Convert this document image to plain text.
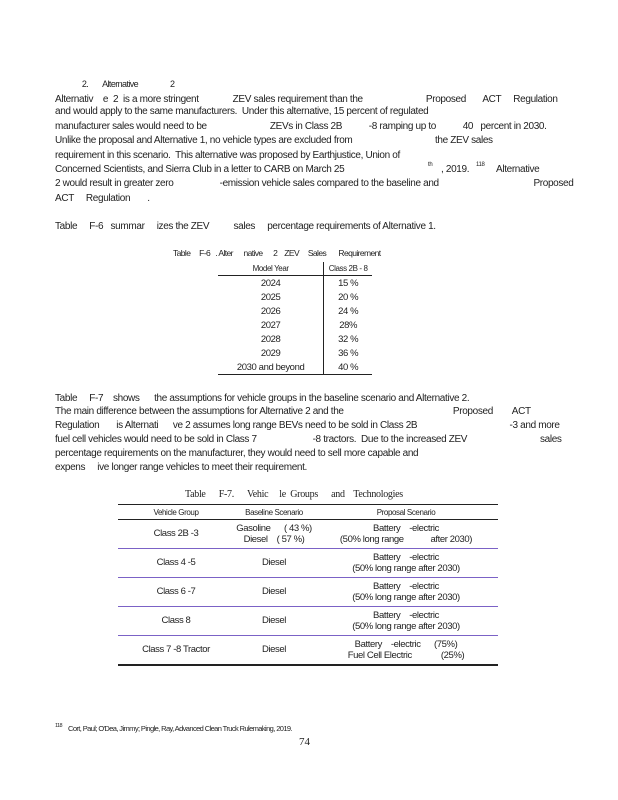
2. Alternative	2

Alternativ    e  2  is a more stringent              ZEV sales requirement than the                          Proposed       ACT     Regulation
and would apply to the same manufacturers.  Under this alternative, 15 percent of regulated
manufacturer sales would need to be                          ZEVs in Class 2B           -8 ramping up to           40   percent in 2030.
Unlike the proposal and Alternative 1, no vehicle types are excluded from                                  the ZEV sales
requirement in this scenario.  This alternative was proposed by Earthjustice, Union of
Concerned Scientists, and Sierra Club in a letter to CARB on March 25	th , 2019. 118 Alternative
2 would result in greater zero                   -emission vehicle sales compared to the baseline and                                       Proposed
ACT     Regulation       .
Table     F-6   summar     izes the ZEV          sales     percentage requirements of Alternative 1.
Table     F-6   . Alter      native      2    ZEV     Sales       Requirement
Model Year	Class 2B - 8
2024	15 %
2025	20 %
2026	24 %
2027	28%
2028	32 %
2029	36 %
2030 and beyond	40 %
Table     F-7    shows      the assumptions for vehicle groups in the baseline scenario and Alternative 2.
The main difference between the assumptions for Alternative 2 and the                                             Proposed        ACT
Regulation       is Alternati      ve 2 assumes long range BEVs need to be sold in Class 2B                                      -3 and more
fuel cell vehicles would need to be sold in Class 7                       -8 tractors.  Due to the increased ZEV                              sales
percentage requirements on the manufacturer, they would need to sell more capable and
expens     ive longer range vehicles to meet their requirement.
Table      F-7.      Vehic     le  Groups      and    Technologies
Vehicle Group	Baseline Scenario	Proposal Scenario
Class 2B -3	Gasoline      ( 43 %)
Diesel    ( 57 %)	Battery    -electric
(50% long range            after 2030)
Class 4 -5	Diesel	Battery    -electric
(50% long range after 2030)
Class 6 -7	Diesel	Battery    -electric
(50% long range after 2030)
Class 8	Diesel	Battery    -electric
(50% long range after 2030)
Class 7 -8 Tractor	Diesel	Battery    -electric      (75%)
Fuel Cell Electric             (25%)
118 Cort, Paul; O'Dea, Jimmy; Pingle, Ray, Advanced Clean Truck Rulemaking, 2019.
74
